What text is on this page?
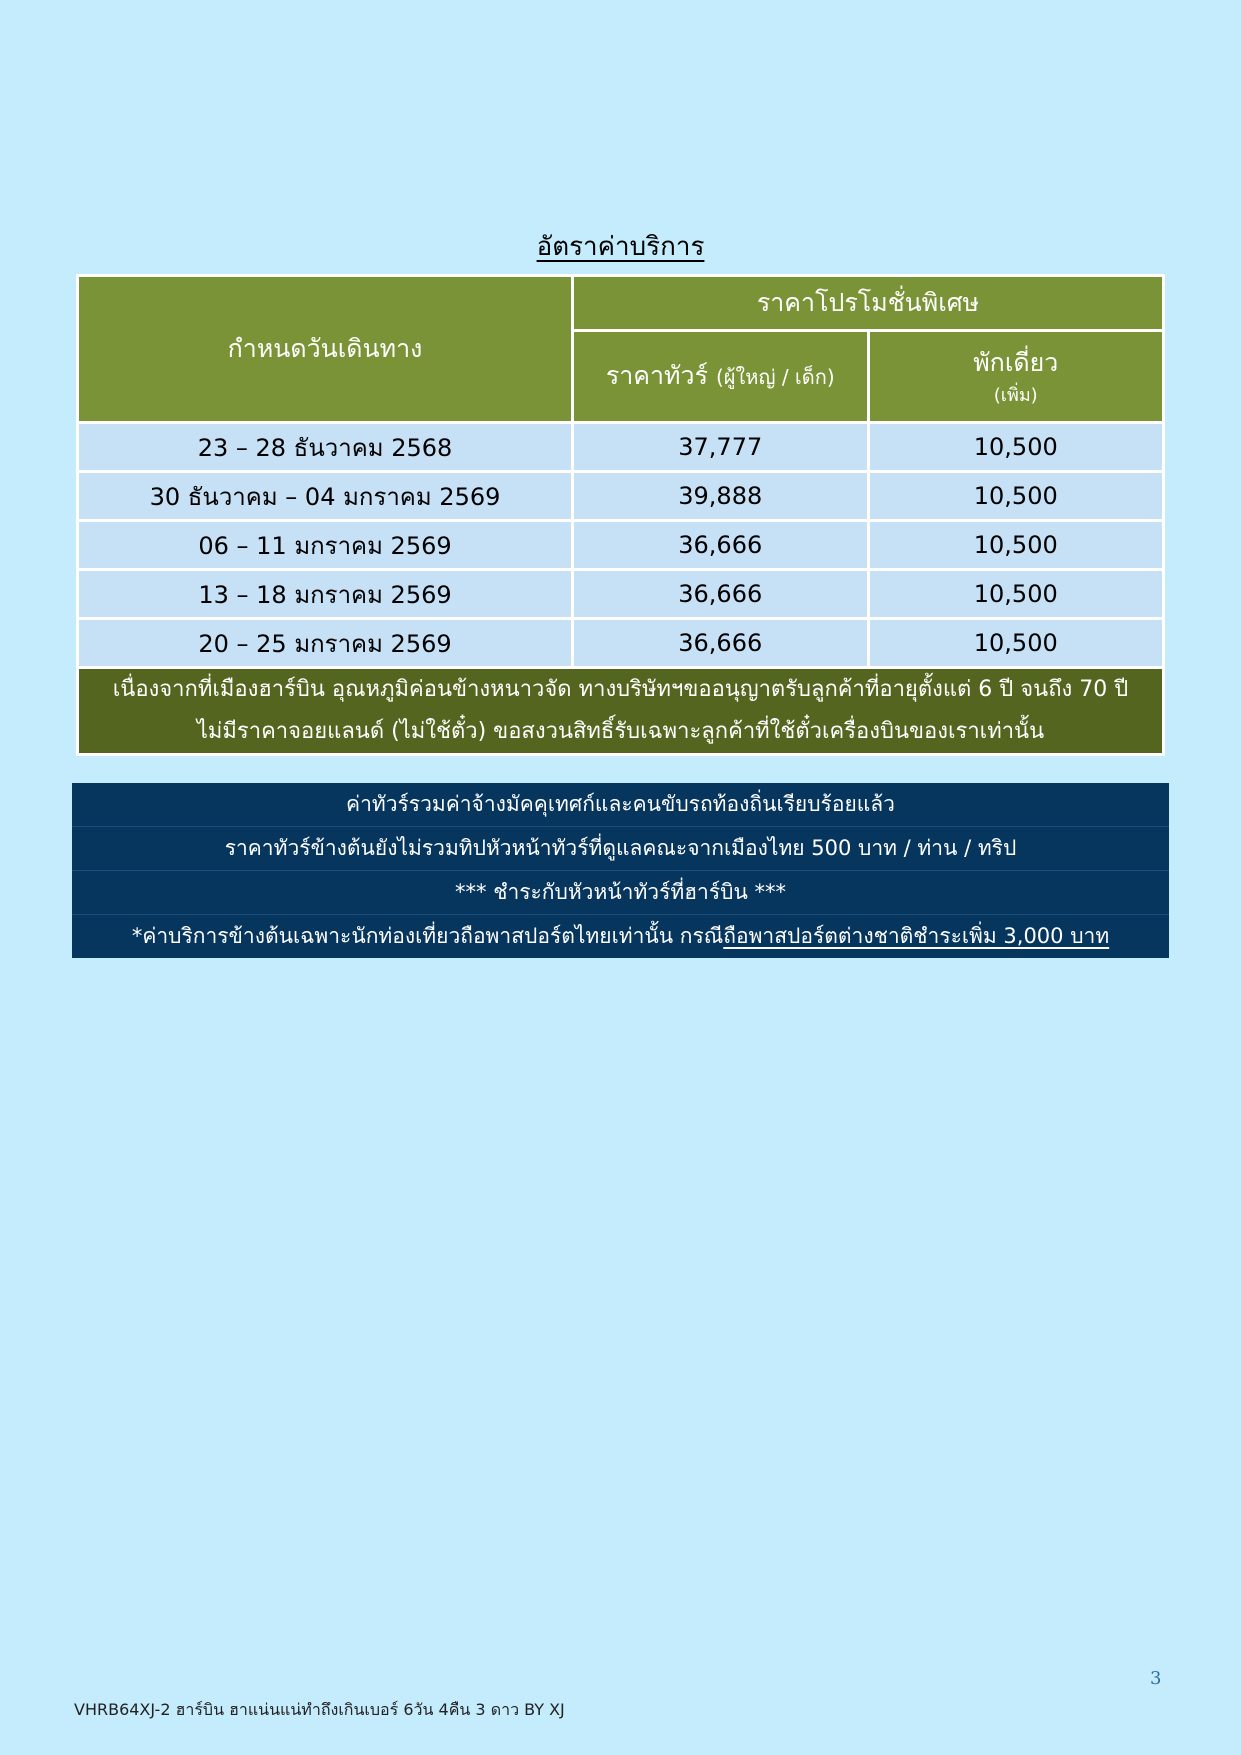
อัตราค่าบริการ
กำหนดวันเดินทาง	ราคาโปรโมชั่นพิเศษ	
	ราคาทัวร์ (ผู้ใหญ่ / เด็ก)	พักเดี่ยว
(เพิ่ม)

23 – 28 ธันวาคม 2568	37,777	10,500
30 ธันวาคม – 04 มกราคม 2569	39,888	10,500
06 – 11 มกราคม 2569	36,666	10,500
13 – 18 มกราคม 2569	36,666	10,500
20 – 25 มกราคม 2569	36,666	10,500

เนื่องจากที่เมืองฮาร์บิน อุณหภูมิค่อนข้างหนาวจัด ทางบริษัทฯขออนุญาตรับลูกค้าที่อายุตั้งแต่ 6 ปี จนถึง 70 ปี
ไม่มีราคาจอยแลนด์ (ไม่ใช้ตั๋ว) ขอสงวนสิทธิ์รับเฉพาะลูกค้าที่ใช้ตั๋วเครื่องบินของเราเท่านั้น		
ค่าทัวร์รวมค่าจ้างมัคคุเทศก์และคนขับรถท้องถิ่นเรียบร้อยแล้ว
ราคาทัวร์ข้างต้นยังไม่รวมทิปหัวหน้าทัวร์ที่ดูแลคณะจากเมืองไทย 500 บาท / ท่าน / ทริป
*** ชำระกับหัวหน้าทัวร์ที่ฮาร์บิน ***
*ค่าบริการข้างต้นเฉพาะนักท่องเที่ยวถือพาสปอร์ตไทยเท่านั้น กรณีถือพาสปอร์ตต่างชาติชำระเพิ่ม 3,000 บาท
3
VHRB64XJ-2 ฮาร์บิน ฮาแน่นแน่ทำถึงเกินเบอร์ 6วัน 4คืน 3 ดาว BY XJ
